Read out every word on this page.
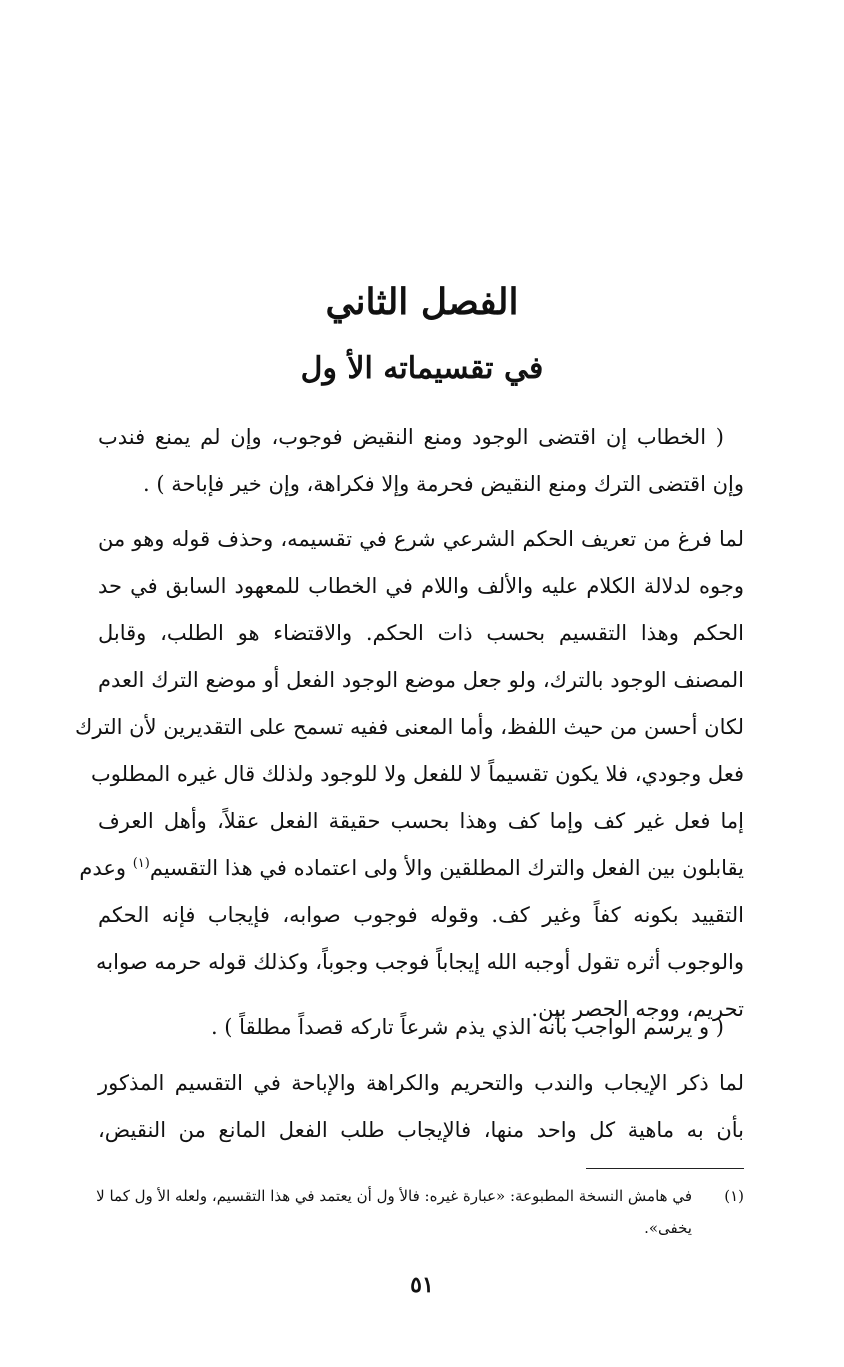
الفصل الثاني
في تقسيماته الأ ول
( الخطاب إن اقتضى الوجود ومنع النقيض فوجوب، وإن لم يمنع فندب
وإن اقتضى الترك ومنع النقيض فحرمة وإلا فكراهة، وإن خير فإباحة ) .
لما فرغ من تعريف الحكم الشرعي شرع في تقسيمه، وحذف قوله وهو من
وجوه لدلالة الكلام عليه والألف واللام في الخطاب للمعهود السابق في حد
الحكم وهذا التقسيم بحسب ذات الحكم. والاقتضاء هو الطلب، وقابل
المصنف الوجود بالترك، ولو جعل موضع الوجود الفعل أو موضع الترك العدم
لكان أحسن من حيث اللفظ، وأما المعنى ففيه تسمح على التقديرين لأن الترك
فعل وجودي، فلا يكون تقسيماً لا للفعل ولا للوجود ولذلك قال غيره المطلوب
إما فعل غير كف وإما كف وهذا بحسب حقيقة الفعل عقلاً، وأهل العرف
يقابلون بين الفعل والترك المطلقين والأ ولى اعتماده في هذا التقسيم$^{(١)}$ وعدم
التقييد بكونه كفاً وغير كف. وقوله فوجوب صوابه، فإيجاب فإنه الحكم
والوجوب أثره تقول أوجبه الله إيجاباً فوجب وجوباً، وكذلك قوله حرمه صوابه
تحريم، ووجه الحصر بين.
( و يرسم الواجب بأنه الذي يذم شرعاً تاركه قصداً مطلقاً ) .
لما ذكر الإيجاب والندب والتحريم والكراهة والإباحة في التقسيم المذكور
بأن به ماهية كل واحد منها، فالإيجاب طلب الفعل المانع من النقيض،
(١)في هامش النسخة المطبوعة: «عبارة غيره: فالأ ول أن يعتمد في هذا التقسيم، ولعله الأ ول كما لا
يخفى».
٥١
